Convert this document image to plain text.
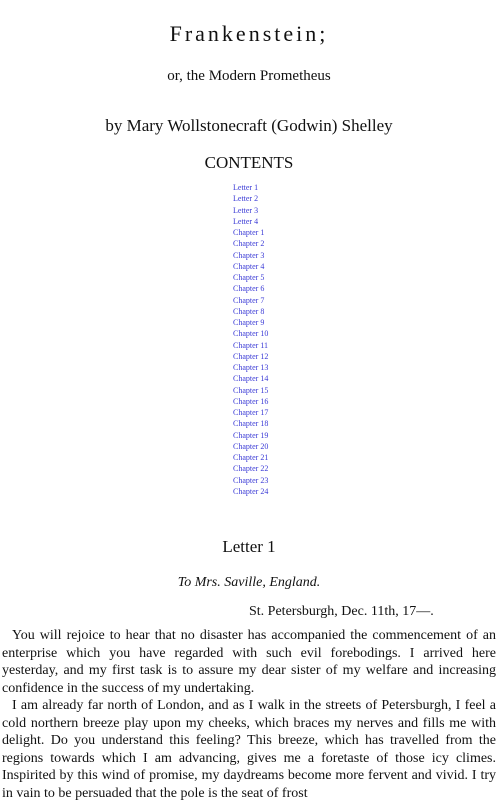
Frankenstein;

or, the Modern Prometheus

by Mary Wollstonecraft (Godwin) Shelley

CONTENTS
Letter 1
Letter 2
Letter 3
Letter 4
Chapter 1
Chapter 2
Chapter 3
Chapter 4
Chapter 5
Chapter 6
Chapter 7
Chapter 8
Chapter 9
Chapter 10
Chapter 11
Chapter 12
Chapter 13
Chapter 14
Chapter 15
Chapter 16
Chapter 17
Chapter 18
Chapter 19
Chapter 20
Chapter 21
Chapter 22
Chapter 23
Chapter 24
Letter 1

To Mrs. Saville, England.

St. Petersburgh, Dec. 11th, 17—.

You will rejoice to hear that no disaster has accompanied the commencement of an enterprise which you have regarded with such evil forebodings. I arrived here yesterday, and my first task is to assure my dear sister of my welfare and increasing confidence in the success of my undertaking.

I am already far north of London, and as I walk in the streets of Petersburgh, I feel a cold northern breeze play upon my cheeks, which braces my nerves and fills me with delight. Do you understand this feeling? This breeze, which has travelled from the regions towards which I am advancing, gives me a foretaste of those icy climes. Inspirited by this wind of promise, my daydreams become more fervent and vivid. I try in vain to be persuaded that the pole is the seat of frost
